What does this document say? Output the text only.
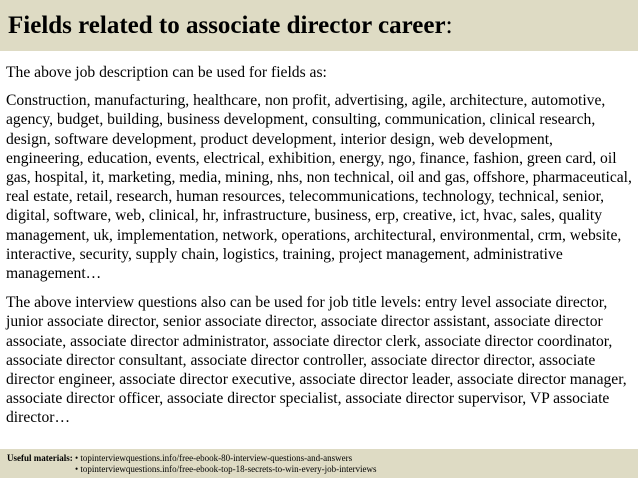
Fields related to associate director career:

The above job description can be used for fields as:

Construction, manufacturing, healthcare, non profit, advertising, agile, architecture, automotive, agency, budget, building, business development, consulting, communication, clinical research, design, software development, product development, interior design, web development, engineering, education, events, electrical, exhibition, energy, ngo, finance, fashion, green card, oil gas, hospital, it, marketing, media, mining, nhs, non technical, oil and gas, offshore, pharmaceutical, real estate, retail, research, human resources, telecommunications, technology, technical, senior, digital, software, web, clinical, hr, infrastructure, business, erp, creative, ict, hvac, sales, quality management, uk, implementation, network, operations, architectural, environmental, crm, website, interactive, security, supply chain, logistics, training, project management, administrative management…

The above interview questions also can be used for job title levels: entry level associate director, junior associate director, senior associate director, associate director assistant, associate director associate, associate director administrator, associate director clerk, associate director coordinator, associate director consultant, associate director controller, associate director director, associate director engineer, associate director executive, associate director leader, associate director manager, associate director officer, associate director specialist, associate director supervisor, VP associate director…

Useful materials: • topinterviewquestions.info/free-ebook-80-interview-questions-and-answers
• topinterviewquestions.info/free-ebook-top-18-secrets-to-win-every-job-interviews
